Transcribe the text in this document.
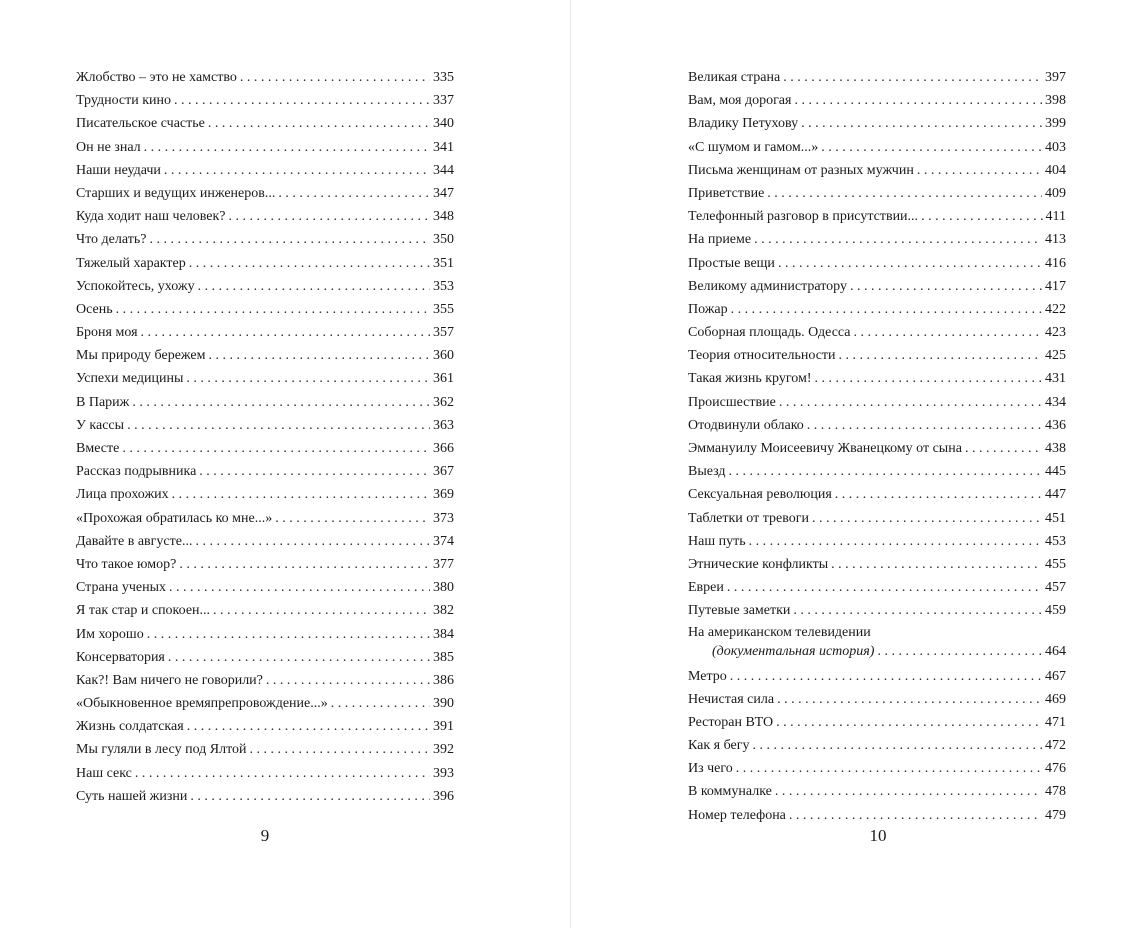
Жлобство – это не хамство . . .	335
Трудности кино . . .	337
Писательское счастье . . .	340
Он не знал . . .	341
Наши неудачи . . .	344
Старших и ведущих инженеров... . . .	347
Куда ходит наш человек? . . .	348
Что делать? . . .	350
Тяжелый характер . . .	351
Успокойтесь, ухожу . . .	353
Осень . . .	355
Броня моя . . .	357
Мы природу бережем . . .	360
Успехи медицины . . .	361
В Париж . . .	362
У кассы . . .	363
Вместе . . .	366
Рассказ подрывника . . .	367
Лица прохожих . . .	369
«Прохожая обратилась ко мне...» . . .	373
Давайте в августе... . . .	374
Что такое юмор? . . .	377
Страна ученых . . .	380
Я так стар и спокоен... . . .	382
Им хорошо . . .	384
Консерватория . . .	385
Как?! Вам ничего не говорили? . . .	386
«Обыкновенное времяпрепровождение...» . . .	390
Жизнь солдатская . . .	391
Мы гуляли в лесу под Ялтой . . .	392
Наш секс . . .	393
Суть нашей жизни . . .	396
9
Великая страна . . .	397
Вам, моя дорогая . . .	398
Владику Петухову . . .	399
«С шумом и гамом...» . . .	403
Письма женщинам от разных мужчин . . .	404
Приветствие . . .	409
Телефонный разговор в присутствии... . . .	411
На приеме . . .	413
Простые вещи . . .	416
Великому администратору . . .	417
Пожар . . .	422
Соборная площадь. Одесса . . .	423
Теория относительности . . .	425
Такая жизнь кругом! . . .	431
Происшествие . . .	434
Отодвинули облако . . .	436
Эммануилу Моисеевичу Жванецкому от сына . . .	438
Выезд . . .	445
Сексуальная революция . . .	447
Таблетки от тревоги . . .	451
Наш путь . . .	453
Этнические конфликты . . .	455
Евреи . . .	457
Путевые заметки . . .	459
На американском телевидении
(документальная история) . . .	464
Метро . . .	467
Нечистая сила . . .	469
Ресторан ВТО . . .	471
Как я бегу . . .	472
Из чего . . .	476
В коммуналке . . .	478
Номер телефона . . .	479
10
